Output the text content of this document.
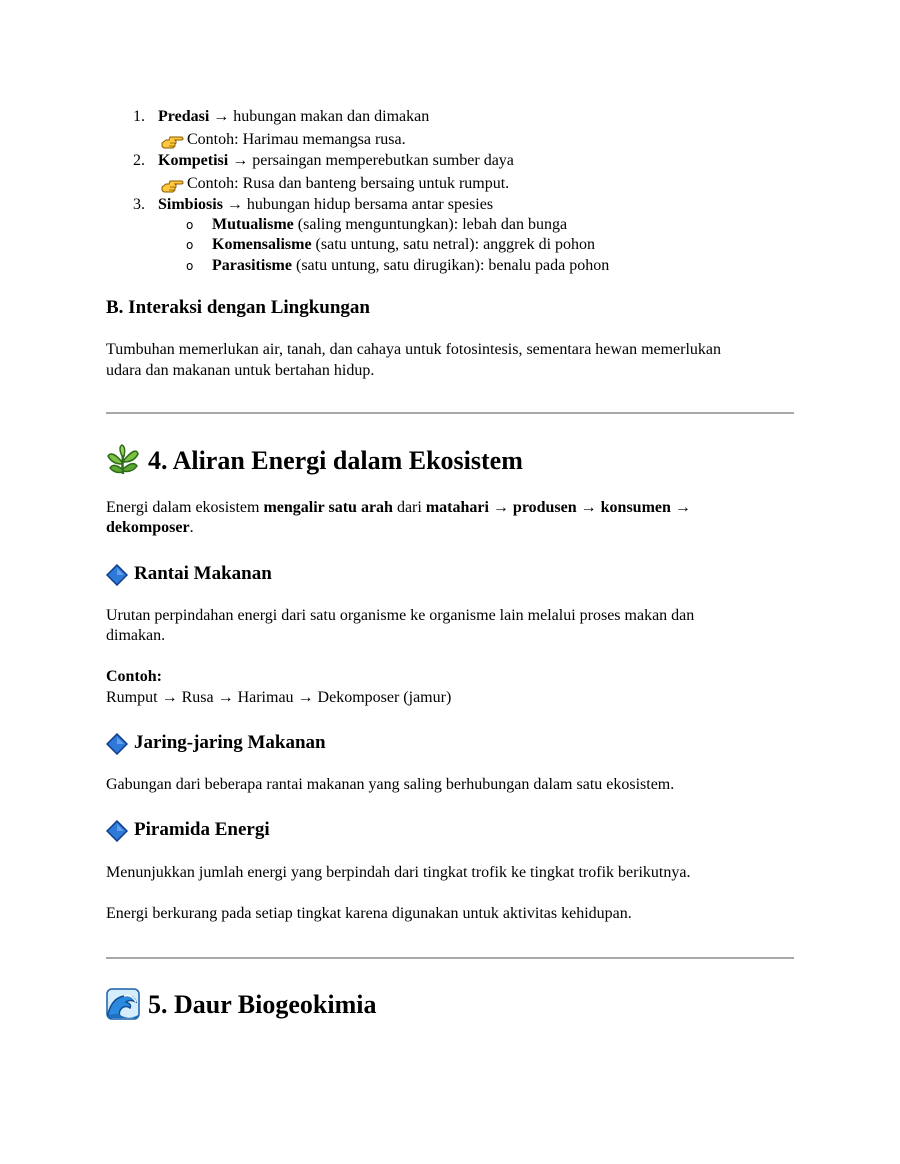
1. Predasi → hubungan makan dan dimakan
Contoh: Harimau memangsa rusa.
2. Kompetisi → persaingan memperebutkan sumber daya
Contoh: Rusa dan banteng bersaing untuk rumput.
3. Simbiosis → hubungan hidup bersama antar spesies
o Mutualisme (saling menguntungkan): lebah dan bunga
o Komensalisme (satu untung, satu netral): anggrek di pohon
o Parasitisme (satu untung, satu dirugikan): benalu pada pohon
B. Interaksi dengan Lingkungan
Tumbuhan memerlukan air, tanah, dan cahaya untuk fotosintesis, sementara hewan memerlukan
udara dan makanan untuk bertahan hidup.
4. Aliran Energi dalam Ekosistem
Energi dalam ekosistem mengalir satu arah dari matahari → produsen → konsumen →
dekomposer.
Rantai Makanan
Urutan perpindahan energi dari satu organisme ke organisme lain melalui proses makan dan
dimakan.
Contoh:
Rumput → Rusa → Harimau → Dekomposer (jamur)
Jaring-jaring Makanan
Gabungan dari beberapa rantai makanan yang saling berhubungan dalam satu ekosistem.
Piramida Energi
Menunjukkan jumlah energi yang berpindah dari tingkat trofik ke tingkat trofik berikutnya.
Energi berkurang pada setiap tingkat karena digunakan untuk aktivitas kehidupan.
5. Daur Biogeokimia
